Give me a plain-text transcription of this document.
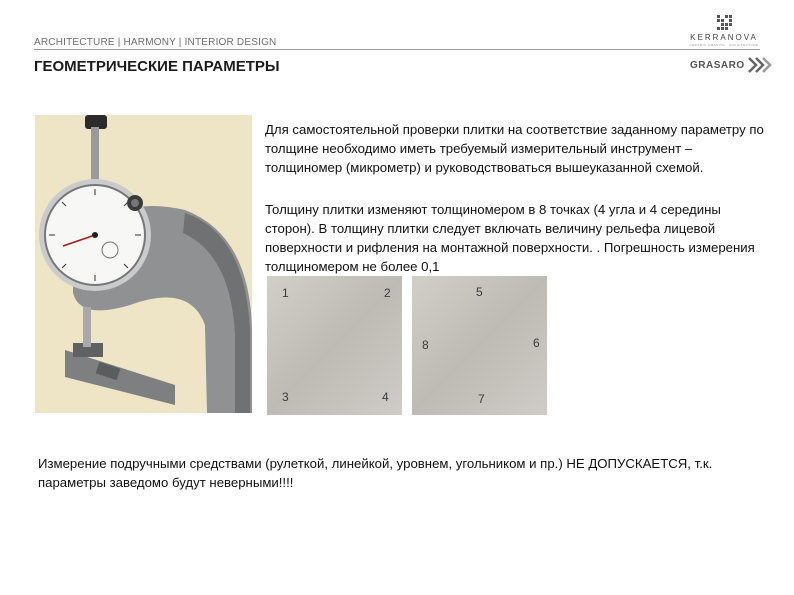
ARCHITECTURE | HARMONY | INTERIOR DESIGN
ГЕОМЕТРИЧЕСКИЕ ПАРАМЕТРЫ
KERRANOVA
CERAMIC GRANITE · ARCHITECTURE
GRASARO
Для самостоятельной проверки плитки на соответствие заданному параметру по толщине необходимо иметь требуемый измерительный инструмент – толщиномер (микрометр) и руководствоваться вышеуказанной схемой.
Толщину плитки изменяют толщиномером в 8 точках (4 угла и 4 середины сторон). В толщину плитки следует включать величину рельефа лицевой поверхности и рифления на монтажной поверхности. . Погрешность измерения толщиномером не более 0,1
1	2
3	4
5
6
7
8
Измерение подручными средствами (рулеткой, линейкой, уровнем, угольником и пр.) НЕ ДОПУСКАЕТСЯ, т.к. параметры заведомо будут неверными!!!!
